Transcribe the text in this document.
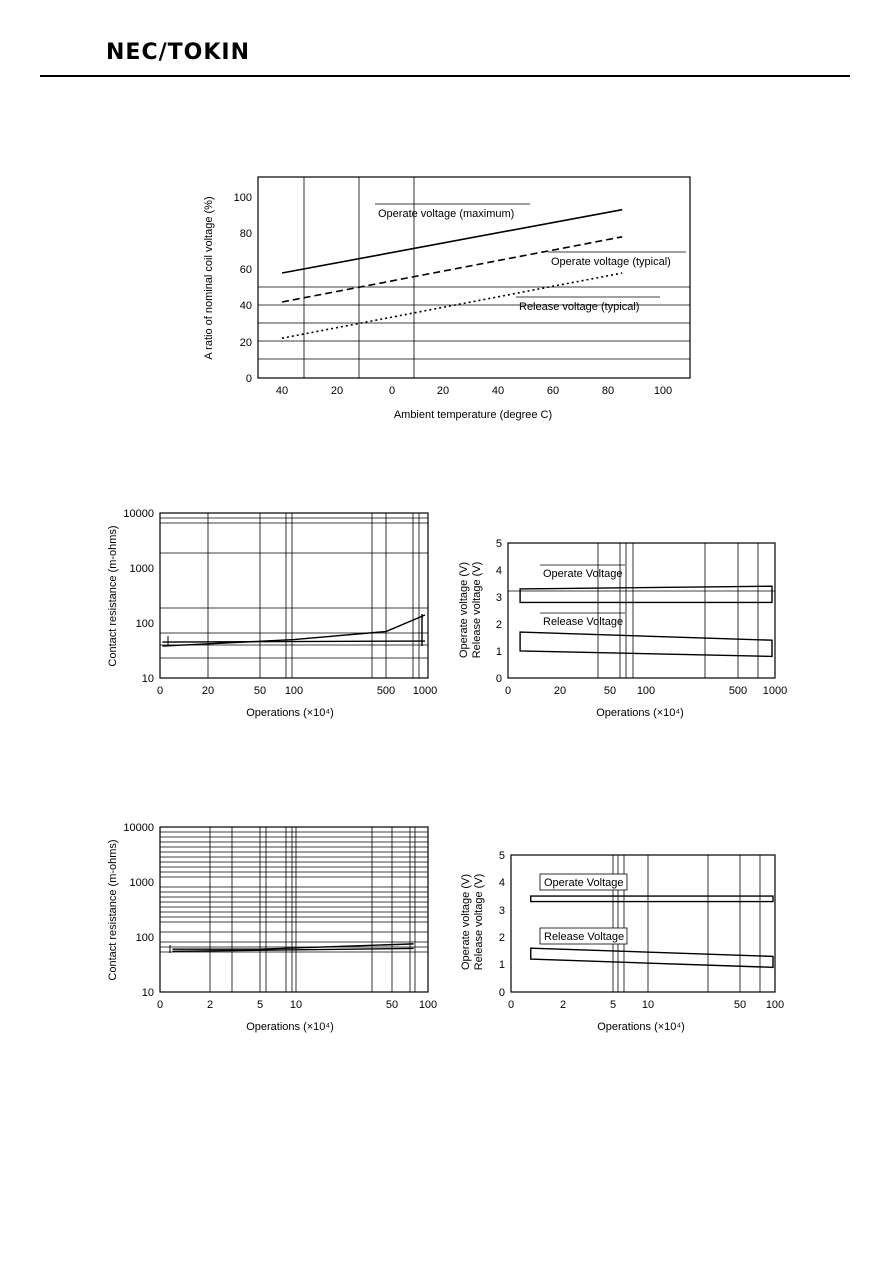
NEC/TOKIN
40	20	0	20	40	60	80	100
0
20
40
60
80
100
Ambient temperature (degree C)
A ratio of nominal coil voltage (%)
0	20	50 100	500 1000
10
100
1000
10000
Operations (×10⁴)
Contact resistance (m-ohms)
0	20	50 100	500 1000
0
1
2
3
4
5
Operations (×10⁴)
Operate voltage (V)Release voltage (V)
0	2	5 10	50 100
10
100
1000
10000
Operations (×10⁴)
Contact resistance (m-ohms)
0	2	5 10	50 100
0
1
2
3
4
5
Operations (×10⁴)
Operate voltage (V)Release voltage (V)
Operate voltage (maximum)
Operate voltage (typical)
Release voltage (typical)
Operate Voltage
Release Voltage
Operate Voltage
Release Voltage
